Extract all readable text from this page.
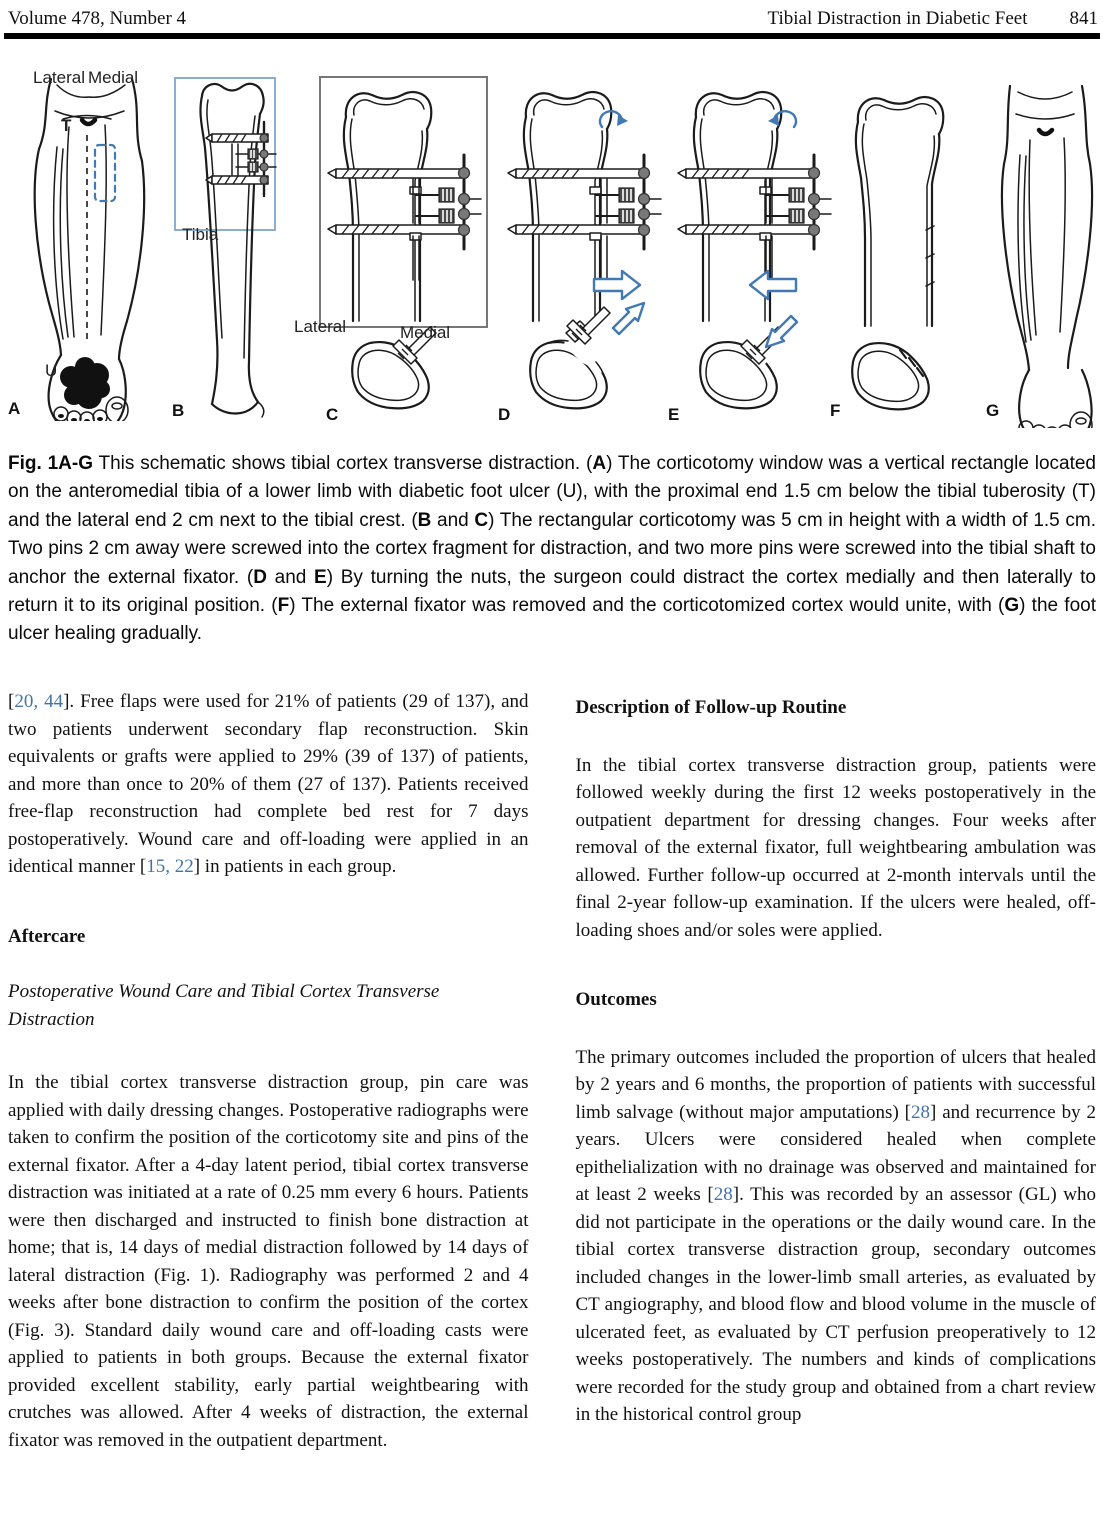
Volume 478, Number 4	Tibial Distraction in Diabetic Feet 841
Lateral Medial
T
U
Tibia
Lateral	Medial
A	B	C	D	E	F	G
Fig. 1A-G This schematic shows tibial cortex transverse distraction. (A) The corticotomy window was a vertical rectangle located on the anteromedial tibia of a lower limb with diabetic foot ulcer (U), with the proximal end 1.5 cm below the tibial tuberosity (T) and the lateral end 2 cm next to the tibial crest. (B and C) The rectangular corticotomy was 5 cm in height with a width of 1.5 cm. Two pins 2 cm away were screwed into the cortex fragment for distraction, and two more pins were screwed into the tibial shaft to anchor the external fixator. (D and E) By turning the nuts, the surgeon could distract the cortex medially and then laterally to return it to its original position. (F) The external fixator was removed and the corticotomized cortex would unite, with (G) the foot ulcer healing gradually.

[20, 44]. Free flaps were used for 21% of patients (29 of 137), and two patients underwent secondary flap reconstruction. Skin equivalents or grafts were applied to 29% (39 of 137) of patients, and more than once to 20% of them (27 of 137). Patients received free-flap reconstruction had complete bed rest for 7 days postoperatively. Wound care and off-loading were applied in an identical manner [15, 22] in patients in each group.

Aftercare

Postoperative Wound Care and Tibial Cortex Transverse Distraction

In the tibial cortex transverse distraction group, pin care was applied with daily dressing changes. Postoperative radiographs were taken to confirm the position of the corticotomy site and pins of the external fixator. After a 4-day latent period, tibial cortex transverse distraction was initiated at a rate of 0.25 mm every 6 hours. Patients were then discharged and instructed to finish bone distraction at home; that is, 14 days of medial distraction followed by 14 days of lateral distraction (Fig. 1). Radiography was performed 2 and 4 weeks after bone distraction to confirm the position of the cortex (Fig. 3). Standard daily wound care and off-loading casts were applied to patients in both groups. Because the external fixator provided excellent stability, early partial weightbearing with crutches was allowed. After 4 weeks of distraction, the external fixator was removed in the outpatient department.

Description of Follow-up Routine

In the tibial cortex transverse distraction group, patients were followed weekly during the first 12 weeks postoperatively in the outpatient department for dressing changes. Four weeks after removal of the external fixator, full weightbearing ambulation was allowed. Further follow-up occurred at 2-month intervals until the final 2-year follow-up examination. If the ulcers were healed, off-loading shoes and/or soles were applied.

Outcomes

The primary outcomes included the proportion of ulcers that healed by 2 years and 6 months, the proportion of patients with successful limb salvage (without major amputations) [28] and recurrence by 2 years. Ulcers were considered healed when complete epithelialization with no drainage was observed and maintained for at least 2 weeks [28]. This was recorded by an assessor (GL) who did not participate in the operations or the daily wound care. In the tibial cortex transverse distraction group, secondary outcomes included changes in the lower-limb small arteries, as evaluated by CT angiography, and blood flow and blood volume in the muscle of ulcerated feet, as evaluated by CT perfusion preoperatively to 12 weeks postoperatively. The numbers and kinds of complications were recorded for the study group and obtained from a chart review in the historical control group
